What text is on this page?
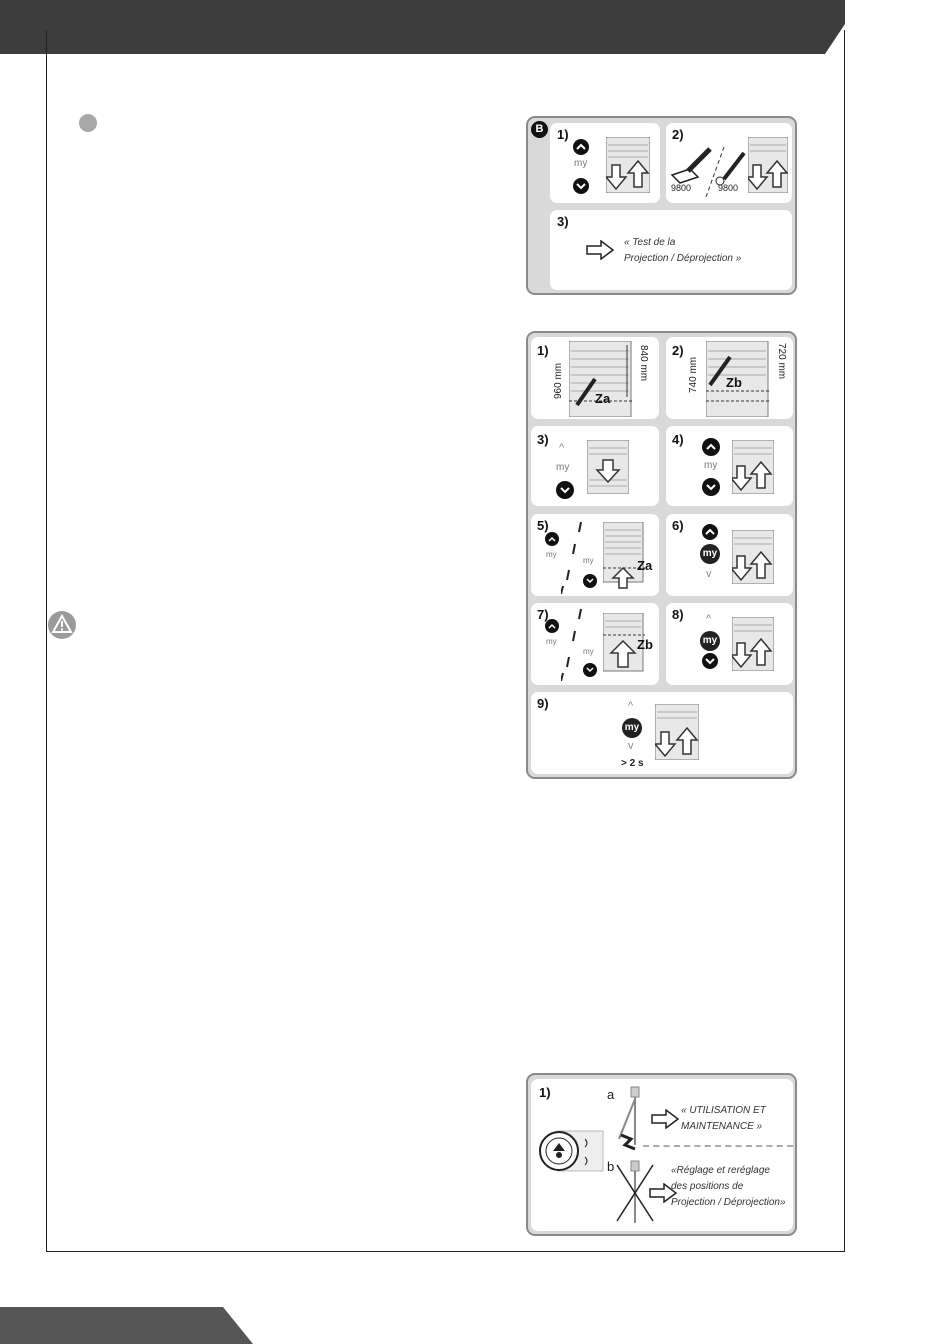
B	1)
my
2)
9800	9800
3)
« Test de la
Projection / Déprojection »
1)
960 mm	840 mm
Za
2)
740 mm	720 mm
Zb
3)
^
my
4)
my
5)
my
my	Za
6)
my
v
7)
my
my	Zb
8) ^
my
9)	^
my
v
> 2 s
1)	a
b
« UTILISATION ET
MAINTENANCE »
«Réglage et reréglage
des positions de
Projection / Déprojection»
